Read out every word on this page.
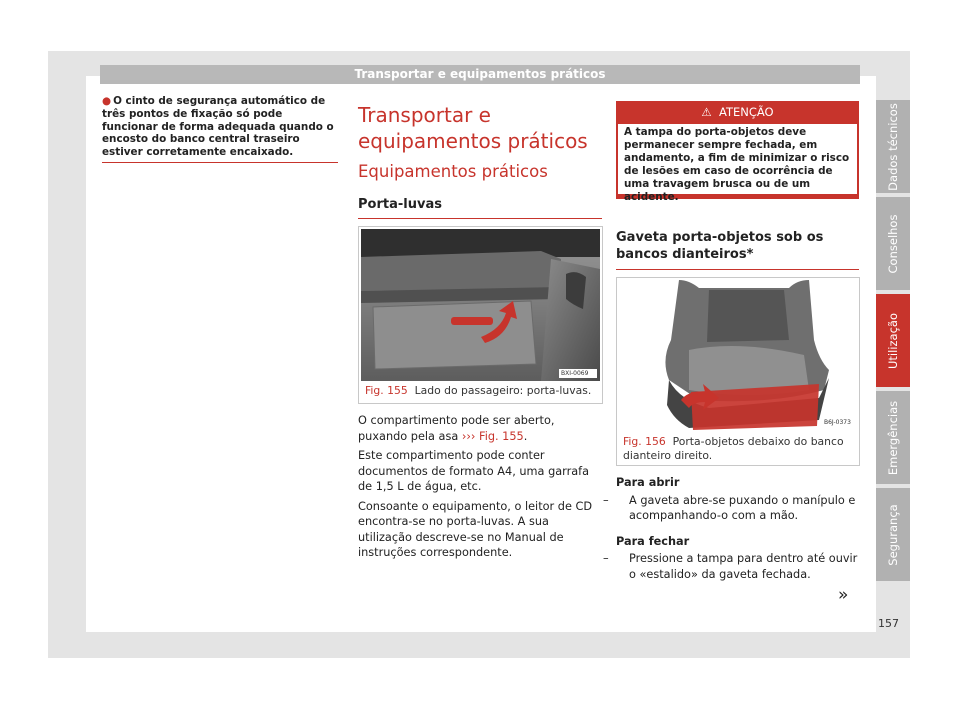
Transportar e equipamentos práticos
● O cinto de segurança automático de três pontos de fixação só pode funcionar de forma adequada quando o encosto do banco central traseiro estiver corretamente encaixado.
Transportar e equipamentos práticos
Equipamentos práticos
Porta-luvas
BXI-0069
Fig. 155 Lado do passageiro: porta-luvas.

O compartimento pode ser aberto, puxando pela asa ››› Fig. 155.

Este compartimento pode conter documentos de formato A4, uma garrafa de 1,5 L de água, etc.

Consoante o equipamento, o leitor de CD encontra-se no porta-luvas. A sua utilização descreve-se no Manual de instruções correspondente.

⚠ ATENÇÃO
A tampa do porta-objetos deve permanecer sempre fechada, em andamento, a fim de minimizar o risco de lesões em caso de ocorrência de uma travagem brusca ou de um acidente.
Gaveta porta-objetos sob os bancos dianteiros*
B6J-0373
Fig. 156 Porta-objetos debaixo do banco dianteiro direito.

Para abrir

– A gaveta abre-se puxando o manípulo e acompanhando-o com a mão.

Para fechar

– Pressione a tampa para dentro até ouvir o «estalido» da gaveta fechada.

»
Dados técnicos
Conselhos
Utilização
Emergências
Segurança
157
